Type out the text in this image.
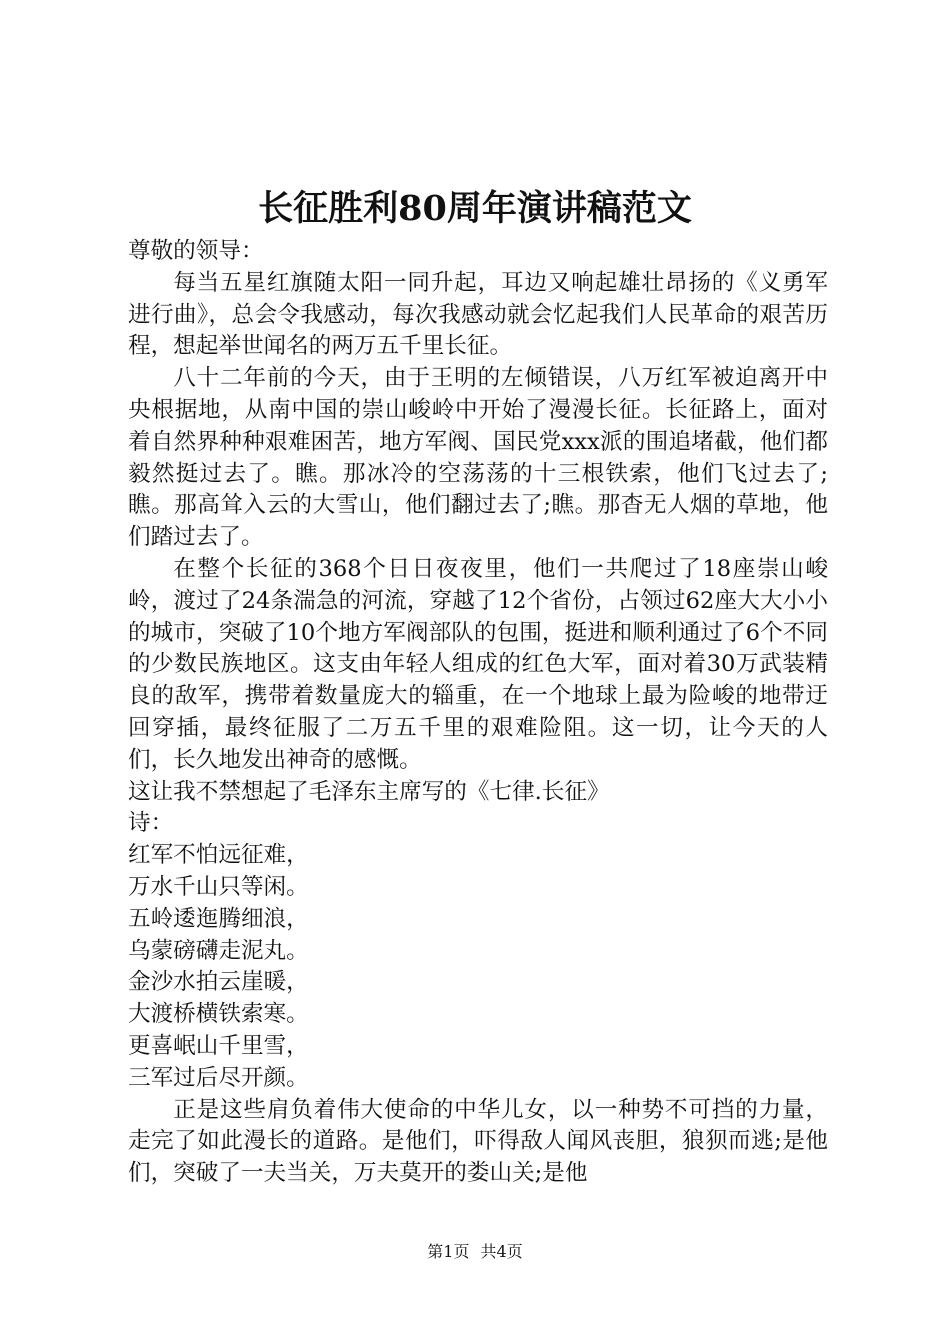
长征胜利80周年演讲稿范文

尊敬的领导：

每当五星红旗随太阳一同升起，耳边又响起雄壮昂扬的《义勇军进行曲》，总会令我感动，每次我感动就会忆起我们人民革命的艰苦历程，想起举世闻名的两万五千里长征。

八十二年前的今天，由于王明的左倾错误，八万红军被迫离开中央根据地，从南中国的崇山峻岭中开始了漫漫长征。长征路上，面对着自然界种种艰难困苦，地方军阀、国民党xxx派的围追堵截，他们都毅然挺过去了。瞧。那冰冷的空荡荡的十三根铁索，他们飞过去了;瞧。那高耸入云的大雪山，他们翻过去了;瞧。那杳无人烟的草地，他们踏过去了。

在整个长征的368个日日夜夜里，他们一共爬过了18座崇山峻岭，渡过了24条湍急的河流，穿越了12个省份，占领过62座大大小小的城市，突破了10个地方军阀部队的包围，挺进和顺利通过了6个不同的少数民族地区。这支由年轻人组成的红色大军，面对着30万武装精良的敌军，携带着数量庞大的辎重，在一个地球上最为险峻的地带迂回穿插，最终征服了二万五千里的艰难险阻。这一切，让今天的人们，长久地发出神奇的感慨。

这让我不禁想起了毛泽东主席写的《七律.长征》

诗：

红军不怕远征难，

万水千山只等闲。

五岭逶迤腾细浪，

乌蒙磅礴走泥丸。

金沙水拍云崖暖，

大渡桥横铁索寒。

更喜岷山千里雪，

三军过后尽开颜。

正是这些肩负着伟大使命的中华儿女，以一种势不可挡的力量，走完了如此漫长的道路。是他们，吓得敌人闻风丧胆，狼狈而逃;是他们，突破了一夫当关，万夫莫开的娄山关;是他

第1页 共4页
